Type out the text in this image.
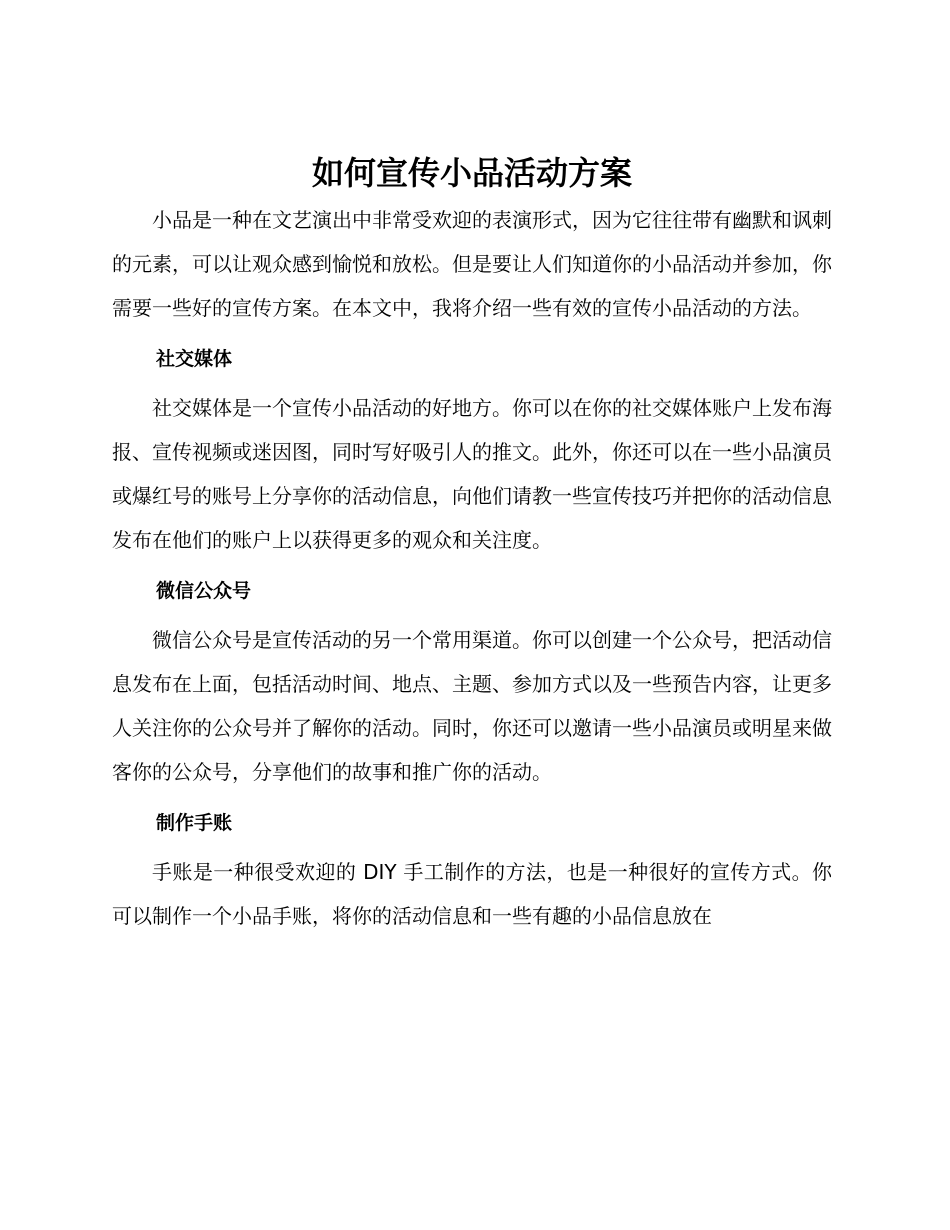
如何宣传小品活动方案

小品是一种在文艺演出中非常受欢迎的表演形式，因为它往往带有幽默和讽刺的元素，可以让观众感到愉悦和放松。但是要让人们知道你的小品活动并参加，你需要一些好的宣传方案。在本文中，我将介绍一些有效的宣传小品活动的方法。

社交媒体

社交媒体是一个宣传小品活动的好地方。你可以在你的社交媒体账户上发布海报、宣传视频或迷因图，同时写好吸引人的推文。此外，你还可以在一些小品演员或爆红号的账号上分享你的活动信息，向他们请教一些宣传技巧并把你的活动信息发布在他们的账户上以获得更多的观众和关注度。

微信公众号

微信公众号是宣传活动的另一个常用渠道。你可以创建一个公众号，把活动信息发布在上面，包括活动时间、地点、主题、参加方式以及一些预告内容，让更多人关注你的公众号并了解你的活动。同时，你还可以邀请一些小品演员或明星来做客你的公众号，分享他们的故事和推广你的活动。

制作手账

手账是一种很受欢迎的 DIY 手工制作的方法，也是一种很好的宣传方式。你可以制作一个小品手账，将你的活动信息和一些有趣的小品信息放在
